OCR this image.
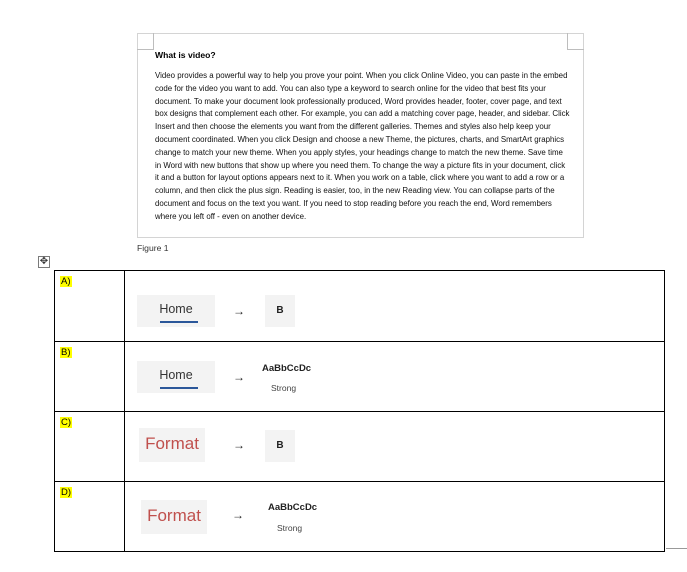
What is video?
Video provides a powerful way to help you prove your point. When you click Online Video, you can paste in the embed code for the video you want to add. You can also type a keyword to search online for the video that best fits your document. To make your document look professionally produced, Word provides header, footer, cover page, and text box designs that complement each other. For example, you can add a matching cover page, header, and sidebar. Click Insert and then choose the elements you want from the different galleries. Themes and styles also help keep your document coordinated. When you click Design and choose a new Theme, the pictures, charts, and SmartArt graphics change to match your new theme. When you apply styles, your headings change to match the new theme. Save time in Word with new buttons that show up where you need them. To change the way a picture fits in your document, click it and a button for layout options appears next to it. When you work on a table, click where you want to add a row or a column, and then click the plus sign. Reading is easier, too, in the new Reading view. You can collapse parts of the document and focus on the text you want. If you need to stop reading before you reach the end, Word remembers where you left off - even on another device.
Figure 1
✥
A)	Home → B

B)	Home →
AaBbCcDc
Strong

C)	Format → B

D)	Format →
AaBbCcDc
Strong
